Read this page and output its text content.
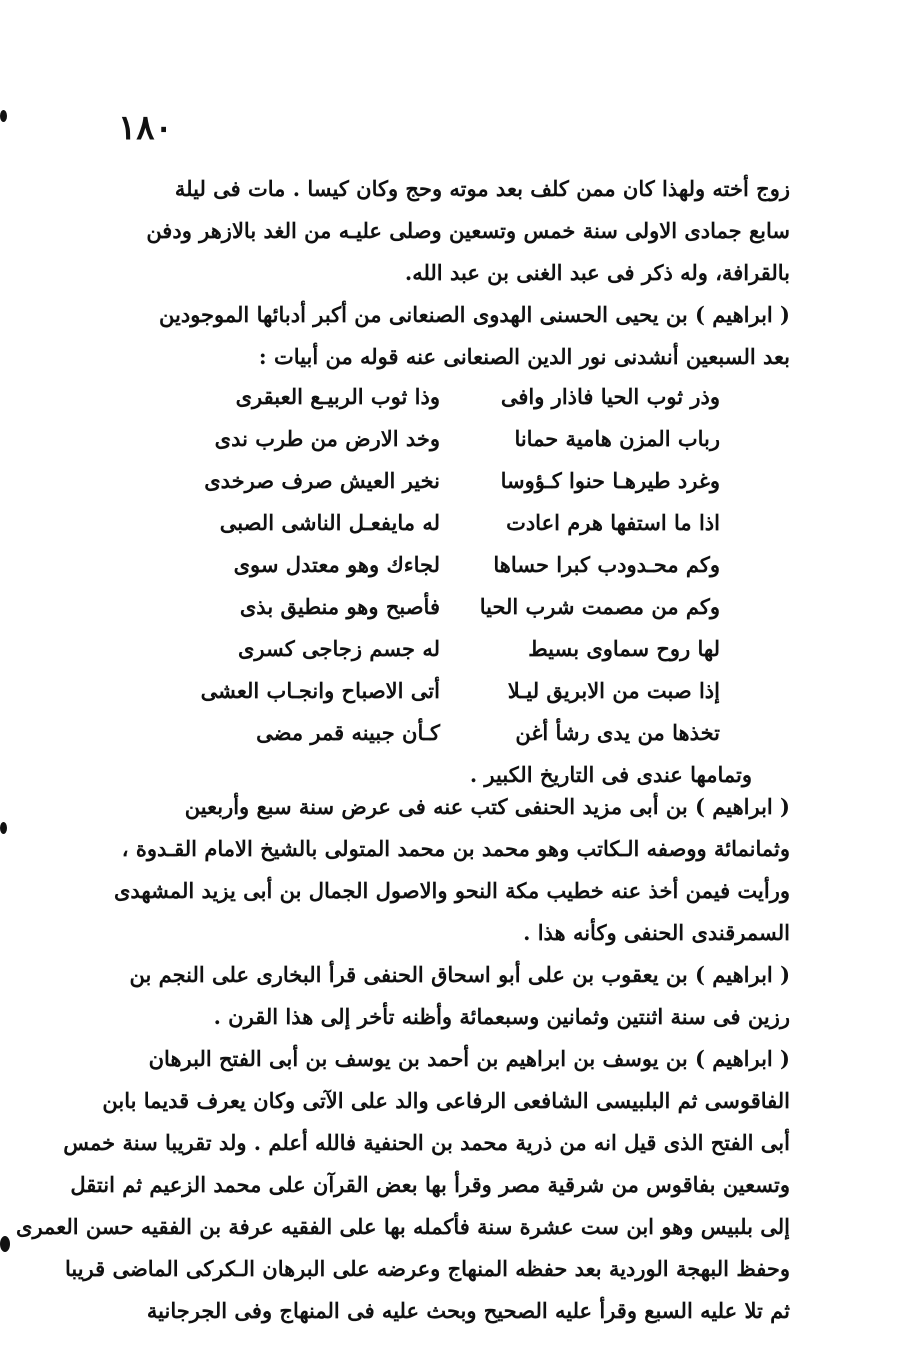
١٨٠
زوج أخته ولهذا كان ممن كلف بعد موته وحج وكان كيسا . مات فى ليلة
سابع جمادى الاولى سنة خمس وتسعين وصلى عليـه من الغد بالازهر ودفن
بالقرافة، وله ذكر فى عبد الغنى بن عبد الله.
( ابراهيم ) بن يحيى الحسنى الهدوى الصنعانى من أكبر أدبائها الموجودين
بعد السبعين أنشدنى نور الدين الصنعانى عنه قوله من أبيات :
وذر ثوب الحيا فاذار وافى
وذا ثوب الربيـع العبقرى
رباب المزن هامية حمانا
وخد الارض من طرب ندى
وغرد طيرهـا حنوا كـؤوسا
نخير العيش صرف صرخدى
اذا ما استفها هرم اعادت
له مايفعـل الناشى الصبى
وكم محـدودب كبرا حساها
لجاءك وهو معتدل سوى
وكم من مصمت شرب الحيا
فأصبح وهو منطيق بذى
لها روح سماوى بسيط
له جسم زجاجى كسرى
إذا صبت من الابريق ليـلا
أتى الاصباح وانجـاب العشى
تخذها من يدى رشأ أغن
كـأن جبينه قمر مضى
وتمامها عندى فى التاريخ الكبير .
( ابراهيم ) بن أبى مزيد الحنفى كتب عنه فى عرض سنة سبع وأربعين
وثمانمائة ووصفه الـكاتب وهو محمد بن محمد المتولى بالشيخ الامام القـدوة ،
ورأيت فيمن أخذ عنه خطيب مكة النحو والاصول الجمال بن أبى يزيد المشهدى
السمرقندى الحنفى وكأنه هذا .
( ابراهيم ) بن يعقوب بن على أبو اسحاق الحنفى قرأ البخارى على النجم بن
رزين فى سنة اثنتين وثمانين وسبعمائة وأظنه تأخر إلى هذا القرن .
( ابراهيم ) بن يوسف بن ابراهيم بن أحمد بن يوسف بن أبى الفتح البرهان
الفاقوسى ثم البلبيسى الشافعى الرفاعى والد على الآتى وكان يعرف قديما بابن
أبى الفتح الذى قيل انه من ذرية محمد بن الحنفية فالله أعلم . ولد تقريبا سنة خمس
وتسعين بفاقوس من شرقية مصر وقرأ بها بعض القرآن على محمد الزعيم ثم انتقل
إلى بلبيس وهو ابن ست عشرة سنة فأكمله بها على الفقيه عرفة بن الفقيه حسن العمرى
وحفظ البهجة الوردية بعد حفظه المنهاج وعرضه على البرهان الـكركى الماضى قريبا
ثم تلا عليه السبع وقرأ عليه الصحيح وبحث عليه فى المنهاج وفى الجرجانية
